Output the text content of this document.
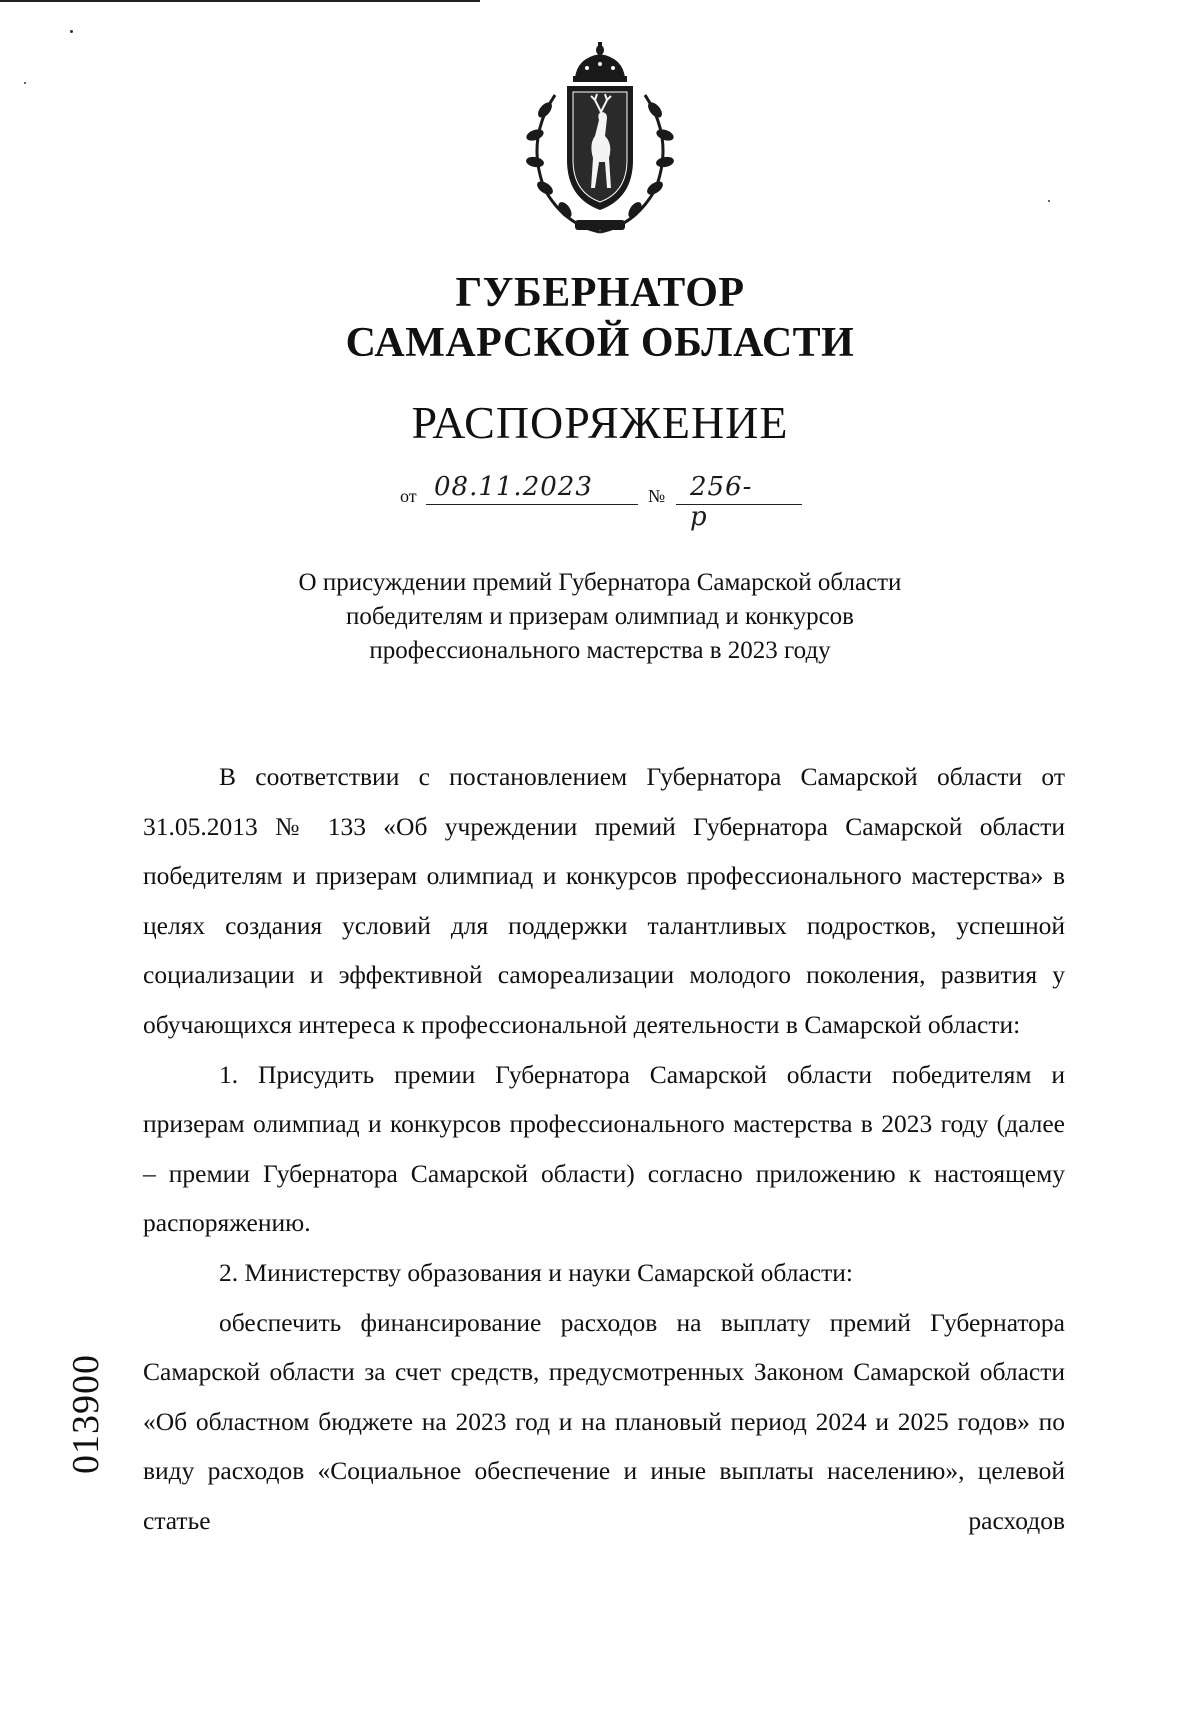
ГУБЕРНАТОР
САМАРСКОЙ ОБЛАСТИ
РАСПОРЯЖЕНИЕ
от 08.11.2023	№ 256-р
О присуждении премий Губернатора Самарской области
победителям и призерам олимпиад и конкурсов
профессионального мастерства в 2023 году

В соответствии с постановлением Губернатора Самарской области от 31.05.2013 № 133 «Об учреждении премий Губернатора Самарской области победителям и призерам олимпиад и конкурсов профессионального мастерства» в целях создания условий для поддержки талантливых подростков, успешной социализации и эффективной самореализации молодого поколения, развития у обучающихся интереса к профессиональной деятельности в Самарской области:

1. Присудить премии Губернатора Самарской области победителям и призерам олимпиад и конкурсов профессионального мастерства в 2023 году (далее – премии Губернатора Самарской области) согласно приложению к настоящему распоряжению.

2. Министерству образования и науки Самарской области:

обеспечить финансирование расходов на выплату премий Губернатора Самарской области за счет средств, предусмотренных Законом Самарской области «Об областном бюджете на 2023 год и на плановый период 2024 и 2025 годов» по виду расходов «Социальное обеспечение и иные выплаты населению», целевой статье расходов

013900
